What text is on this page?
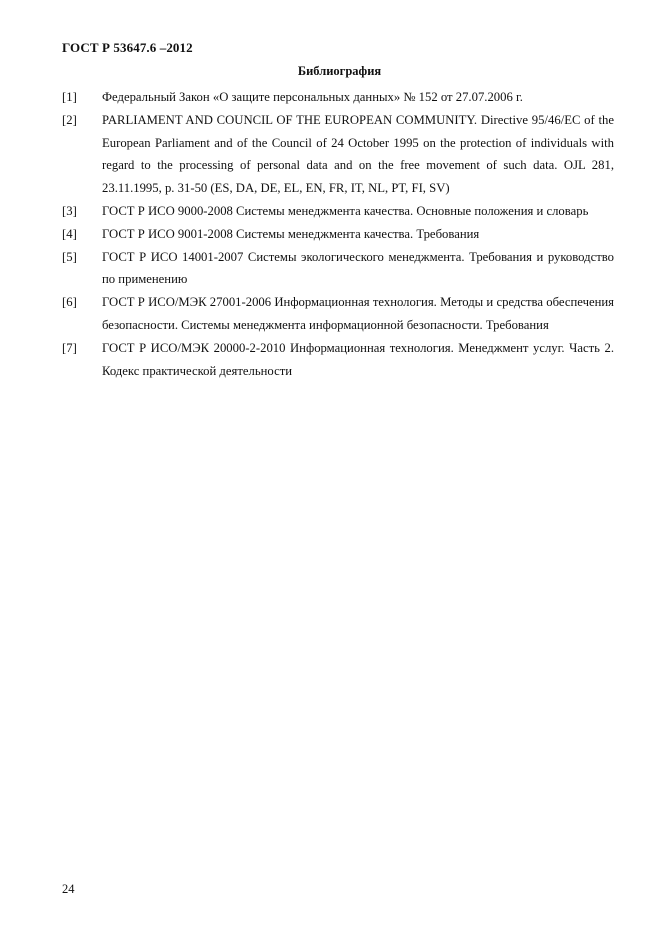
ГОСТ Р 53647.6 –2012
Библиография
[1]	Федеральный Закон «О защите персональных данных» № 152 от 27.07.2006 г.
[2]	PARLIAMENT AND COUNCIL OF THE EUROPEAN COMMUNITY. Directive 95/46/EC of the European Parliament and of the Council of 24 October 1995 on the protection of individuals with regard to the processing of personal data and on the free movement of such data. OJL 281, 23.11.1995, p. 31-50 (ES, DA, DE, EL, EN, FR, IT, NL, PT, FI, SV)
[3]	ГОСТ Р ИСО 9000-2008 Системы менеджмента качества. Основные положения и словарь
[4]	ГОСТ Р ИСО 9001-2008 Системы менеджмента качества. Требования
[5]	ГОСТ Р ИСО 14001-2007 Системы экологического менеджмента. Требования и руководство по применению
[6]	ГОСТ Р ИСО/МЭК 27001-2006 Информационная технология. Методы и средства обеспечения безопасности. Системы менеджмента информационной безопасности. Требования
[7]	ГОСТ Р ИСО/МЭК 20000-2-2010 Информационная технология. Менеджмент услуг. Часть 2. Кодекс практической деятельности
24
